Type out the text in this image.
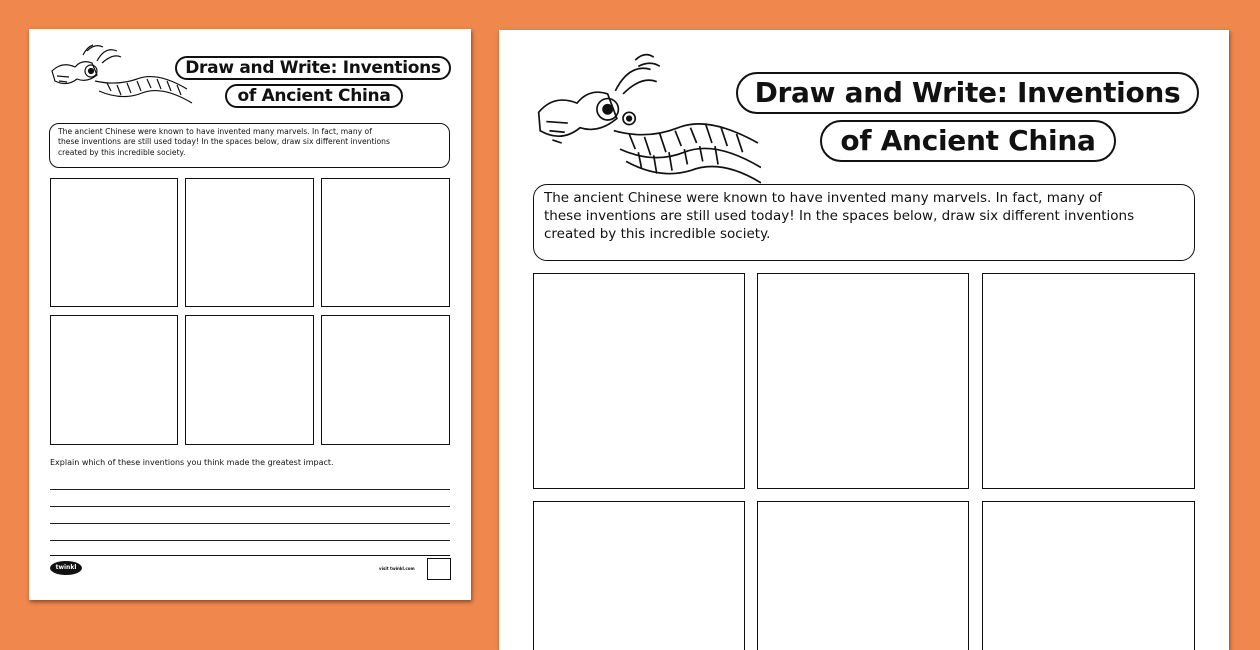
Draw and Write: Inventions
of Ancient China
The ancient Chinese were known to have invented many marvels. In fact, many of
these inventions are still used today! In the spaces below, draw six different inventions
created by this incredible society.
Explain which of these inventions you think made the greatest impact.
twinkl	visit twinkl.com
Draw and Write: Inventions
of Ancient China
The ancient Chinese were known to have invented many marvels. In fact, many of
these inventions are still used today! In the spaces below, draw six different inventions
created by this incredible society.
